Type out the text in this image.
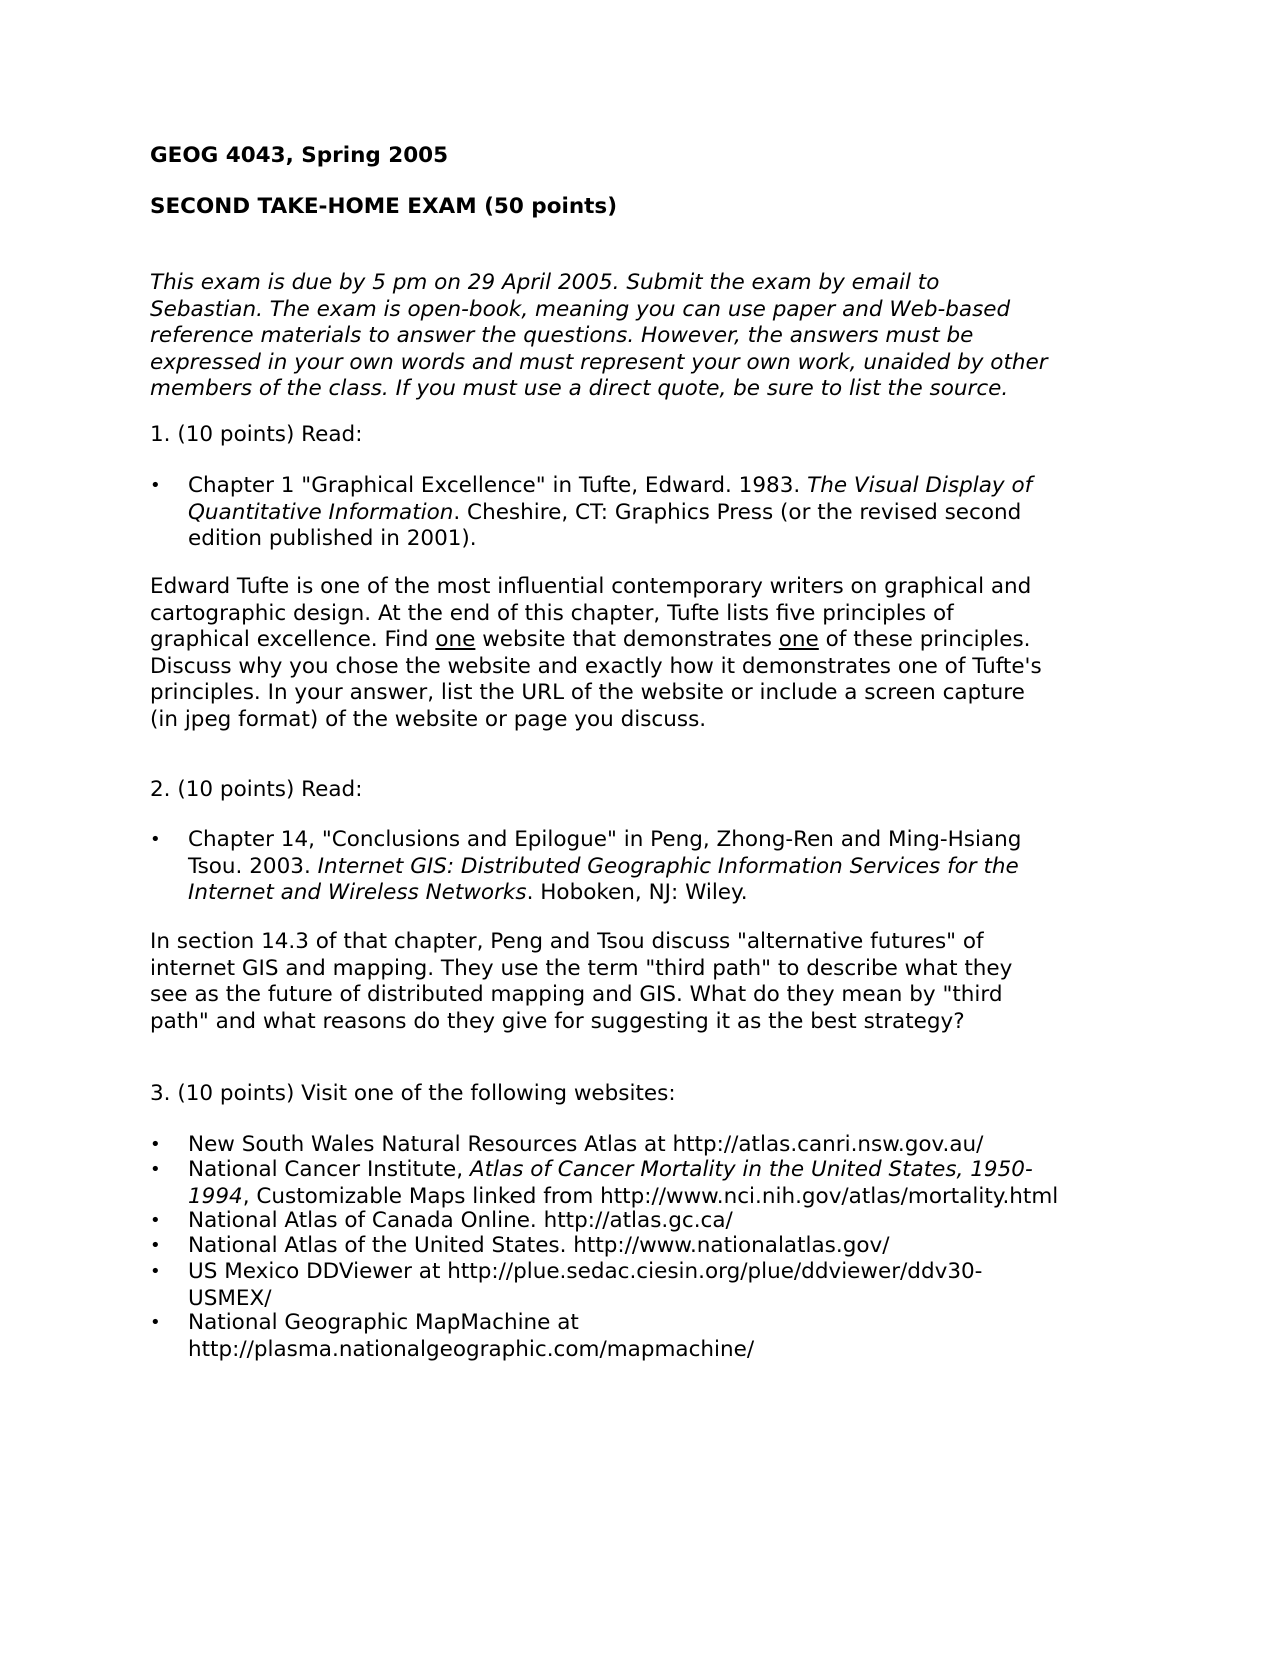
GEOG 4043, Spring 2005
SECOND TAKE-HOME EXAM (50 points)
This exam is due by 5 pm on 29 April 2005. Submit the exam by email to
Sebastian. The exam is open-book, meaning you can use paper and Web-based
reference materials to answer the questions. However, the answers must be
expressed in your own words and must represent your own work, unaided by other
members of the class. If you must use a direct quote, be sure to list the source.
1. (10 points) Read:
• Chapter 1 "Graphical Excellence" in Tufte, Edward. 1983. The Visual Display of
Quantitative Information. Cheshire, CT: Graphics Press (or the revised second
edition published in 2001).
Edward Tufte is one of the most influential contemporary writers on graphical and
cartographic design. At the end of this chapter, Tufte lists five principles of
graphical excellence. Find one website that demonstrates one of these principles.
Discuss why you chose the website and exactly how it demonstrates one of Tufte's
principles. In your answer, list the URL of the website or include a screen capture
(in jpeg format) of the website or page you discuss.
2. (10 points) Read:
• Chapter 14, "Conclusions and Epilogue" in Peng, Zhong-Ren and Ming-Hsiang
Tsou. 2003. Internet GIS: Distributed Geographic Information Services for the
Internet and Wireless Networks. Hoboken, NJ: Wiley.
In section 14.3 of that chapter, Peng and Tsou discuss "alternative futures" of
internet GIS and mapping. They use the term "third path" to describe what they
see as the future of distributed mapping and GIS. What do they mean by "third
path" and what reasons do they give for suggesting it as the best strategy?
3. (10 points) Visit one of the following websites:
• New South Wales Natural Resources Atlas at http://atlas.canri.nsw.gov.au/
• National Cancer Institute, Atlas of Cancer Mortality in the United States, 1950-
1994, Customizable Maps linked from http://www.nci.nih.gov/atlas/mortality.html
• National Atlas of Canada Online. http://atlas.gc.ca/
• National Atlas of the United States. http://www.nationalatlas.gov/
• US Mexico DDViewer at http://plue.sedac.ciesin.org/plue/ddviewer/ddv30-
USMEX/
• National Geographic MapMachine at
http://plasma.nationalgeographic.com/mapmachine/
